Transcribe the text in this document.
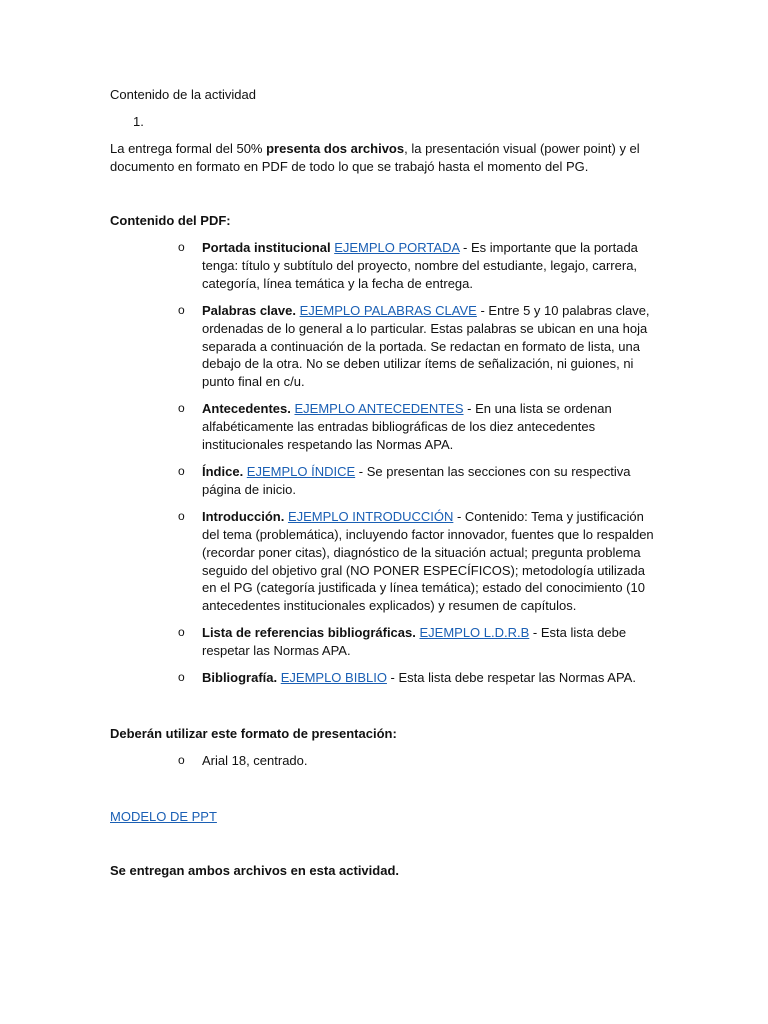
Contenido de la actividad

1.

La entrega formal del 50% presenta dos archivos, la presentación visual (power point) y el documento en formato en PDF de todo lo que se trabajó hasta el momento del PG.

Contenido del PDF:

o Portada institucional EJEMPLO PORTADA - Es importante que la portada tenga: título y subtítulo del proyecto, nombre del estudiante, legajo, carrera, categoría, línea temática y la fecha de entrega.
o Palabras clave. EJEMPLO PALABRAS CLAVE - Entre 5 y 10 palabras clave, ordenadas de lo general a lo particular. Estas palabras se ubican en una hoja separada a continuación de la portada. Se redactan en formato de lista, una debajo de la otra. No se deben utilizar ítems de señalización, ni guiones, ni punto final en c/u.
o Antecedentes. EJEMPLO ANTECEDENTES - En una lista se ordenan alfabéticamente las entradas bibliográficas de los diez antecedentes institucionales respetando las Normas APA.
o Índice. EJEMPLO ÍNDICE - Se presentan las secciones con su respectiva página de inicio.
o Introducción. EJEMPLO INTRODUCCIÓN - Contenido: Tema y justificación del tema (problemática), incluyendo factor innovador, fuentes que lo respalden (recordar poner citas), diagnóstico de la situación actual; pregunta problema seguido del objetivo gral (NO PONER ESPECÍFICOS); metodología utilizada en el PG (categoría justificada y línea temática); estado del conocimiento (10 antecedentes institucionales explicados) y resumen de capítulos.
o Lista de referencias bibliográficas. EJEMPLO L.D.R.B - Esta lista debe respetar las Normas APA.
o Bibliografía. EJEMPLO BIBLIO - Esta lista debe respetar las Normas APA.

Deberán utilizar este formato de presentación:

o Arial 18, centrado.
MODELO DE PPT

Se entregan ambos archivos en esta actividad.
